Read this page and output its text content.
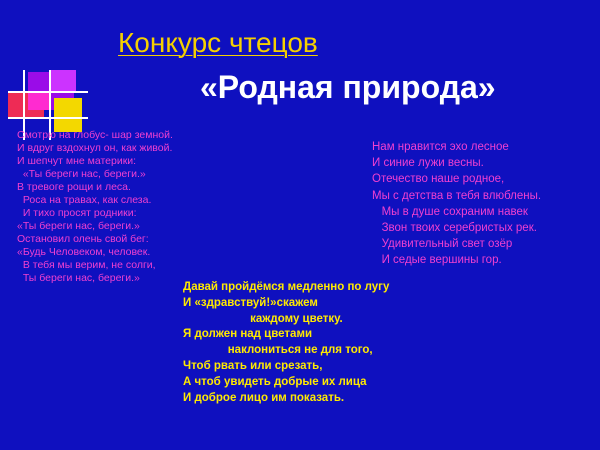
Конкурс чтецов
«Родная природа»
Смотрю на глобус- шар земной.
И вдруг вздохнул он, как живой.
И шепчут мне материки:
«Ты береги нас, береги.»
В тревоге рощи и леса.
Роса на травах, как слеза.
И тихо просят родники:
«Ты береги нас, береги.»
Остановил олень свой бег:
«Будь Человеком, человек.
В тебя мы верим, не солги,
Ты береги нас, береги.»
Нам нравится эхо лесное
И синие лужи весны.
Отечество наше родное,
Мы с детства в тебя влюблены.
Мы в душе сохраним навек
Звон твоих серебристых рек.
Удивительный свет озёр
И седые вершины гор.
Давай пройдёмся медленно по лугу
И «здравствуй!»скажем
каждому цветку.
Я должен над цветами
наклониться не для того,
Чтоб рвать или срезать,
А чтоб увидеть добрые их лица
И доброе лицо им показать.
